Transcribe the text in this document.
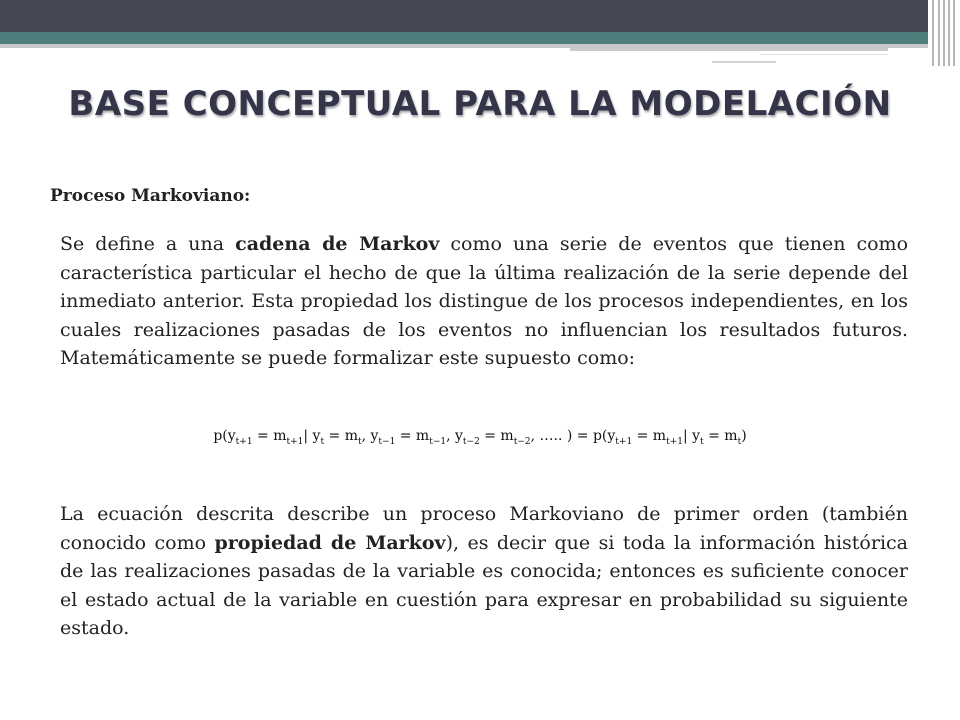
BASE CONCEPTUAL PARA LA MODELACIÓN
Proceso Markoviano:

Se define a una cadena de Markov como una serie de eventos que tienen como característica particular el hecho de que la última realización de la serie depende del inmediato anterior. Esta propiedad los distingue de los procesos independientes, en los cuales realizaciones pasadas de los eventos no influencian los resultados futuros. Matemáticamente se puede formalizar este supuesto como:

$p(y_{t+1} = m_{t+1}|$ $y_t = m_t$, $y_{t-1} = m_{t-1}$, $y_{t-2} = m_{t-2}$, ….. ) = $p(y_{t+1} = m_{t+1}|$ $y_t = m_t$)

La ecuación descrita describe un proceso Markoviano de primer orden (también conocido como propiedad de Markov), es decir que si toda la información histórica de las realizaciones pasadas de la variable es conocida; entonces es suficiente conocer el estado actual de la variable en cuestión para expresar en probabilidad su siguiente estado.
